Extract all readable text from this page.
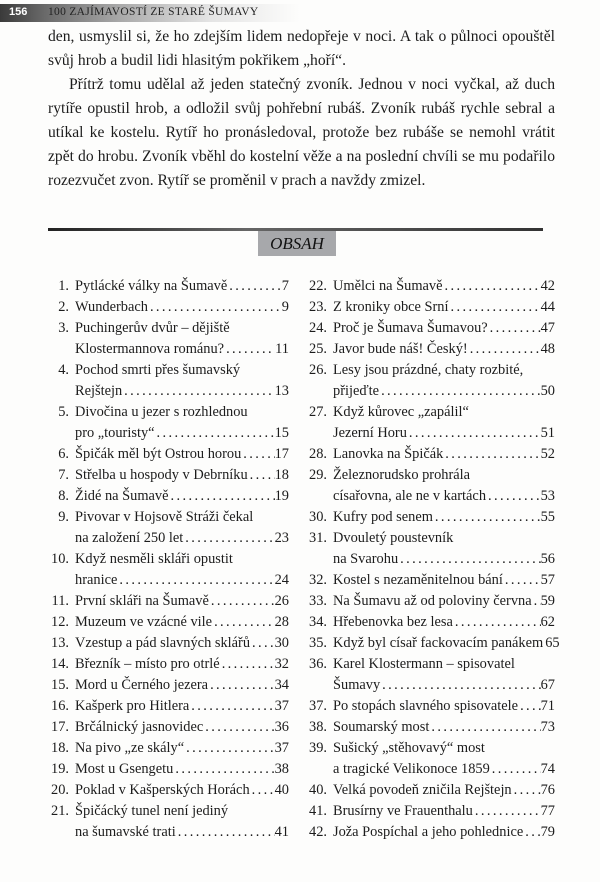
156 100 ZAJÍMAVOSTÍ ZE STARÉ ŠUMAVY

den, usmyslil si, že ho zdejším lidem nedopřeje v noci. A tak o půlnoci opouštěl svůj hrob a budil lidi hlasitým pokřikem „hoří“.

Přítrž tomu udělal až jeden statečný zvoník. Jednou v noci vyčkal, až duch rytíře opustil hrob, a odložil svůj pohřební rubáš. Zvoník rubáš rychle sebral a utíkal ke kostelu. Rytíř ho pronásledoval, protože bez rubáše se nemohl vrátit zpět do hrobu. Zvoník vběhl do kostelní věže a na poslední chvíli se mu podařilo rozezvučet zvon. Rytíř se proměnil v prach a navždy zmizel.

OBSAH
1. Pytlácké války na Šumavě .....	7
2. Wunderbach .....	9
3. Puchingerův dvůr – dějiště
Klostermannova románu? .....	11
4. Pochod smrti přes šumavský
Rejštejn .....	13
5. Divočina u jezer s rozhlednou
pro „touristy“ .....	15
6. Špičák měl být Ostrou horou ..... 17
7. Střelba u hospody v Debrníku ..... 18
8. Židé na Šumavě .....	19
9. Pivovar v Hojsově Stráži čekal
na založení 250 let .....	23
10. Když nesměli skláři opustit
hranice .....	24
11. První skláři na Šumavě .....	26
12. Muzeum ve vzácné vile .....	28
13. Vzestup a pád slavných sklářů ..... 30
14. Březník – místo pro otrlé .....	32
15. Mord u Černého jezera .....	34
16. Kašperk pro Hitlera .....	37
17. Brčálnický jasnovidec .....	36
18. Na pivo „ze skály“ .....	37
19. Most u Gsengetu .....	38
20. Poklad v Kašperských Horách ..... 40
21. Špičácký tunel není jediný
na šumavské trati .....	41
22. Umělci na Šumavě .....	42
23. Z kroniky obce Srní .....	44
24. Proč je Šumava Šumavou? .....	47
25. Javor bude náš! Český! .....	48
26. Lesy jsou prázdné, chaty rozbité,
přijeďte .....	50
27. Když kůrovec „zapálil“
Jezerní Horu .....	51
28. Lanovka na Špičák .....	52
29. Železnorudsko prohrála
císařovna, ale ne v kartách .....	53
30. Kufry pod senem .....	55
31. Dvouletý poustevník
na Svarohu .....	56
32. Kostel s nezaměnitelnou bání .....	57
33. Na Šumavu až od poloviny června ..... 59
34. Hřebenovka bez lesa .....	62
35. Když byl císař fackovacím panákem ..... 65
36. Karel Klostermann – spisovatel
Šumavy .....	67
37. Po stopách slavného spisovatele ..... 71
38. Soumarský most .....	73
39. Sušický „stěhovavý“ most
a tragické Velikonoce 1859 .....	74
40. Velká povodeň zničila Rejštejn ..... 76
41. Brusírny ve Frauenthalu .....	77
42. Joža Pospíchal a jeho pohlednice ..... 79
